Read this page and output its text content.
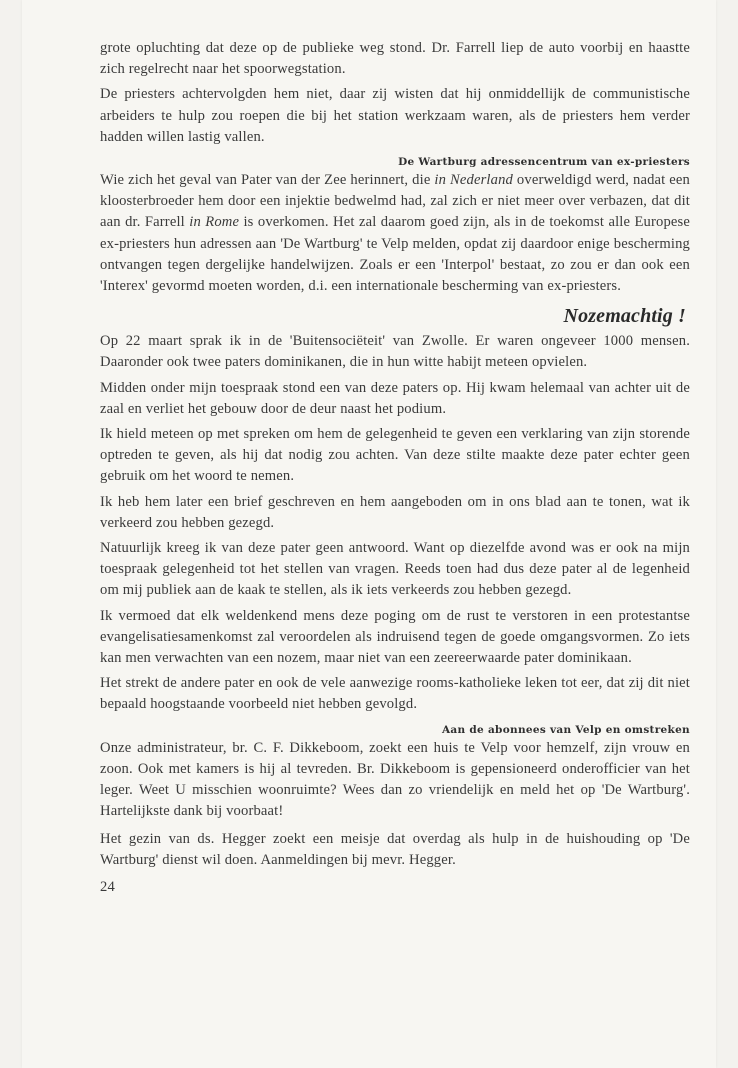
grote opluchting dat deze op de publieke weg stond. Dr. Farrell liep de auto voorbij en haastte zich regelrecht naar het spoorwegstation.

De priesters achtervolgden hem niet, daar zij wisten dat hij onmiddellijk de communistische arbeiders te hulp zou roepen die bij het station werkzaam waren, als de priesters hem verder hadden willen lastig vallen.

De Wartburg adressencentrum van ex-priesters

Wie zich het geval van Pater van der Zee herinnert, die in Nederland overweldigd werd, nadat een kloosterbroeder hem door een injektie bedwelmd had, zal zich er niet meer over verbazen, dat dit aan dr. Farrell in Rome is overkomen. Het zal daarom goed zijn, als in de toekomst alle Europese ex-priesters hun adressen aan 'De Wartburg' te Velp melden, opdat zij daardoor enige bescherming ontvangen tegen dergelijke handelwijzen. Zoals er een 'Interpol' bestaat, zo zou er dan ook een 'Interex' gevormd moeten worden, d.i. een internationale bescherming van ex-priesters.

Nozemachtig !

Op 22 maart sprak ik in de 'Buitensociëteit' van Zwolle. Er waren ongeveer 1000 mensen. Daaronder ook twee paters dominikanen, die in hun witte habijt meteen opvielen.

Midden onder mijn toespraak stond een van deze paters op. Hij kwam helemaal van achter uit de zaal en verliet het gebouw door de deur naast het podium.

Ik hield meteen op met spreken om hem de gelegenheid te geven een verklaring van zijn storende optreden te geven, als hij dat nodig zou achten. Van deze stilte maakte deze pater echter geen gebruik om het woord te nemen.

Ik heb hem later een brief geschreven en hem aangeboden om in ons blad aan te tonen, wat ik verkeerd zou hebben gezegd.

Natuurlijk kreeg ik van deze pater geen antwoord. Want op diezelfde avond was er ook na mijn toespraak gelegenheid tot het stellen van vragen. Reeds toen had dus deze pater al de legenheid om mij publiek aan de kaak te stellen, als ik iets verkeerds zou hebben gezegd.

Ik vermoed dat elk weldenkend mens deze poging om de rust te verstoren in een protestantse evangelisatiesamenkomst zal veroordelen als indruisend tegen de goede omgangsvormen. Zo iets kan men verwachten van een nozem, maar niet van een zeereerwaarde pater dominikaan.

Het strekt de andere pater en ook de vele aanwezige rooms-katholieke leken tot eer, dat zij dit niet bepaald hoogstaande voorbeeld niet hebben gevolgd.

Aan de abonnees van Velp en omstreken

Onze administrateur, br. C. F. Dikkeboom, zoekt een huis te Velp voor hemzelf, zijn vrouw en zoon. Ook met kamers is hij al tevreden. Br. Dikkeboom is gepensioneerd onderofficier van het leger. Weet U misschien woonruimte? Wees dan zo vriendelijk en meld het op 'De Wartburg'. Hartelijkste dank bij voorbaat!

Het gezin van ds. Hegger zoekt een meisje dat overdag als hulp in de huishouding op 'De Wartburg' dienst wil doen. Aanmeldingen bij mevr. Hegger.

24
